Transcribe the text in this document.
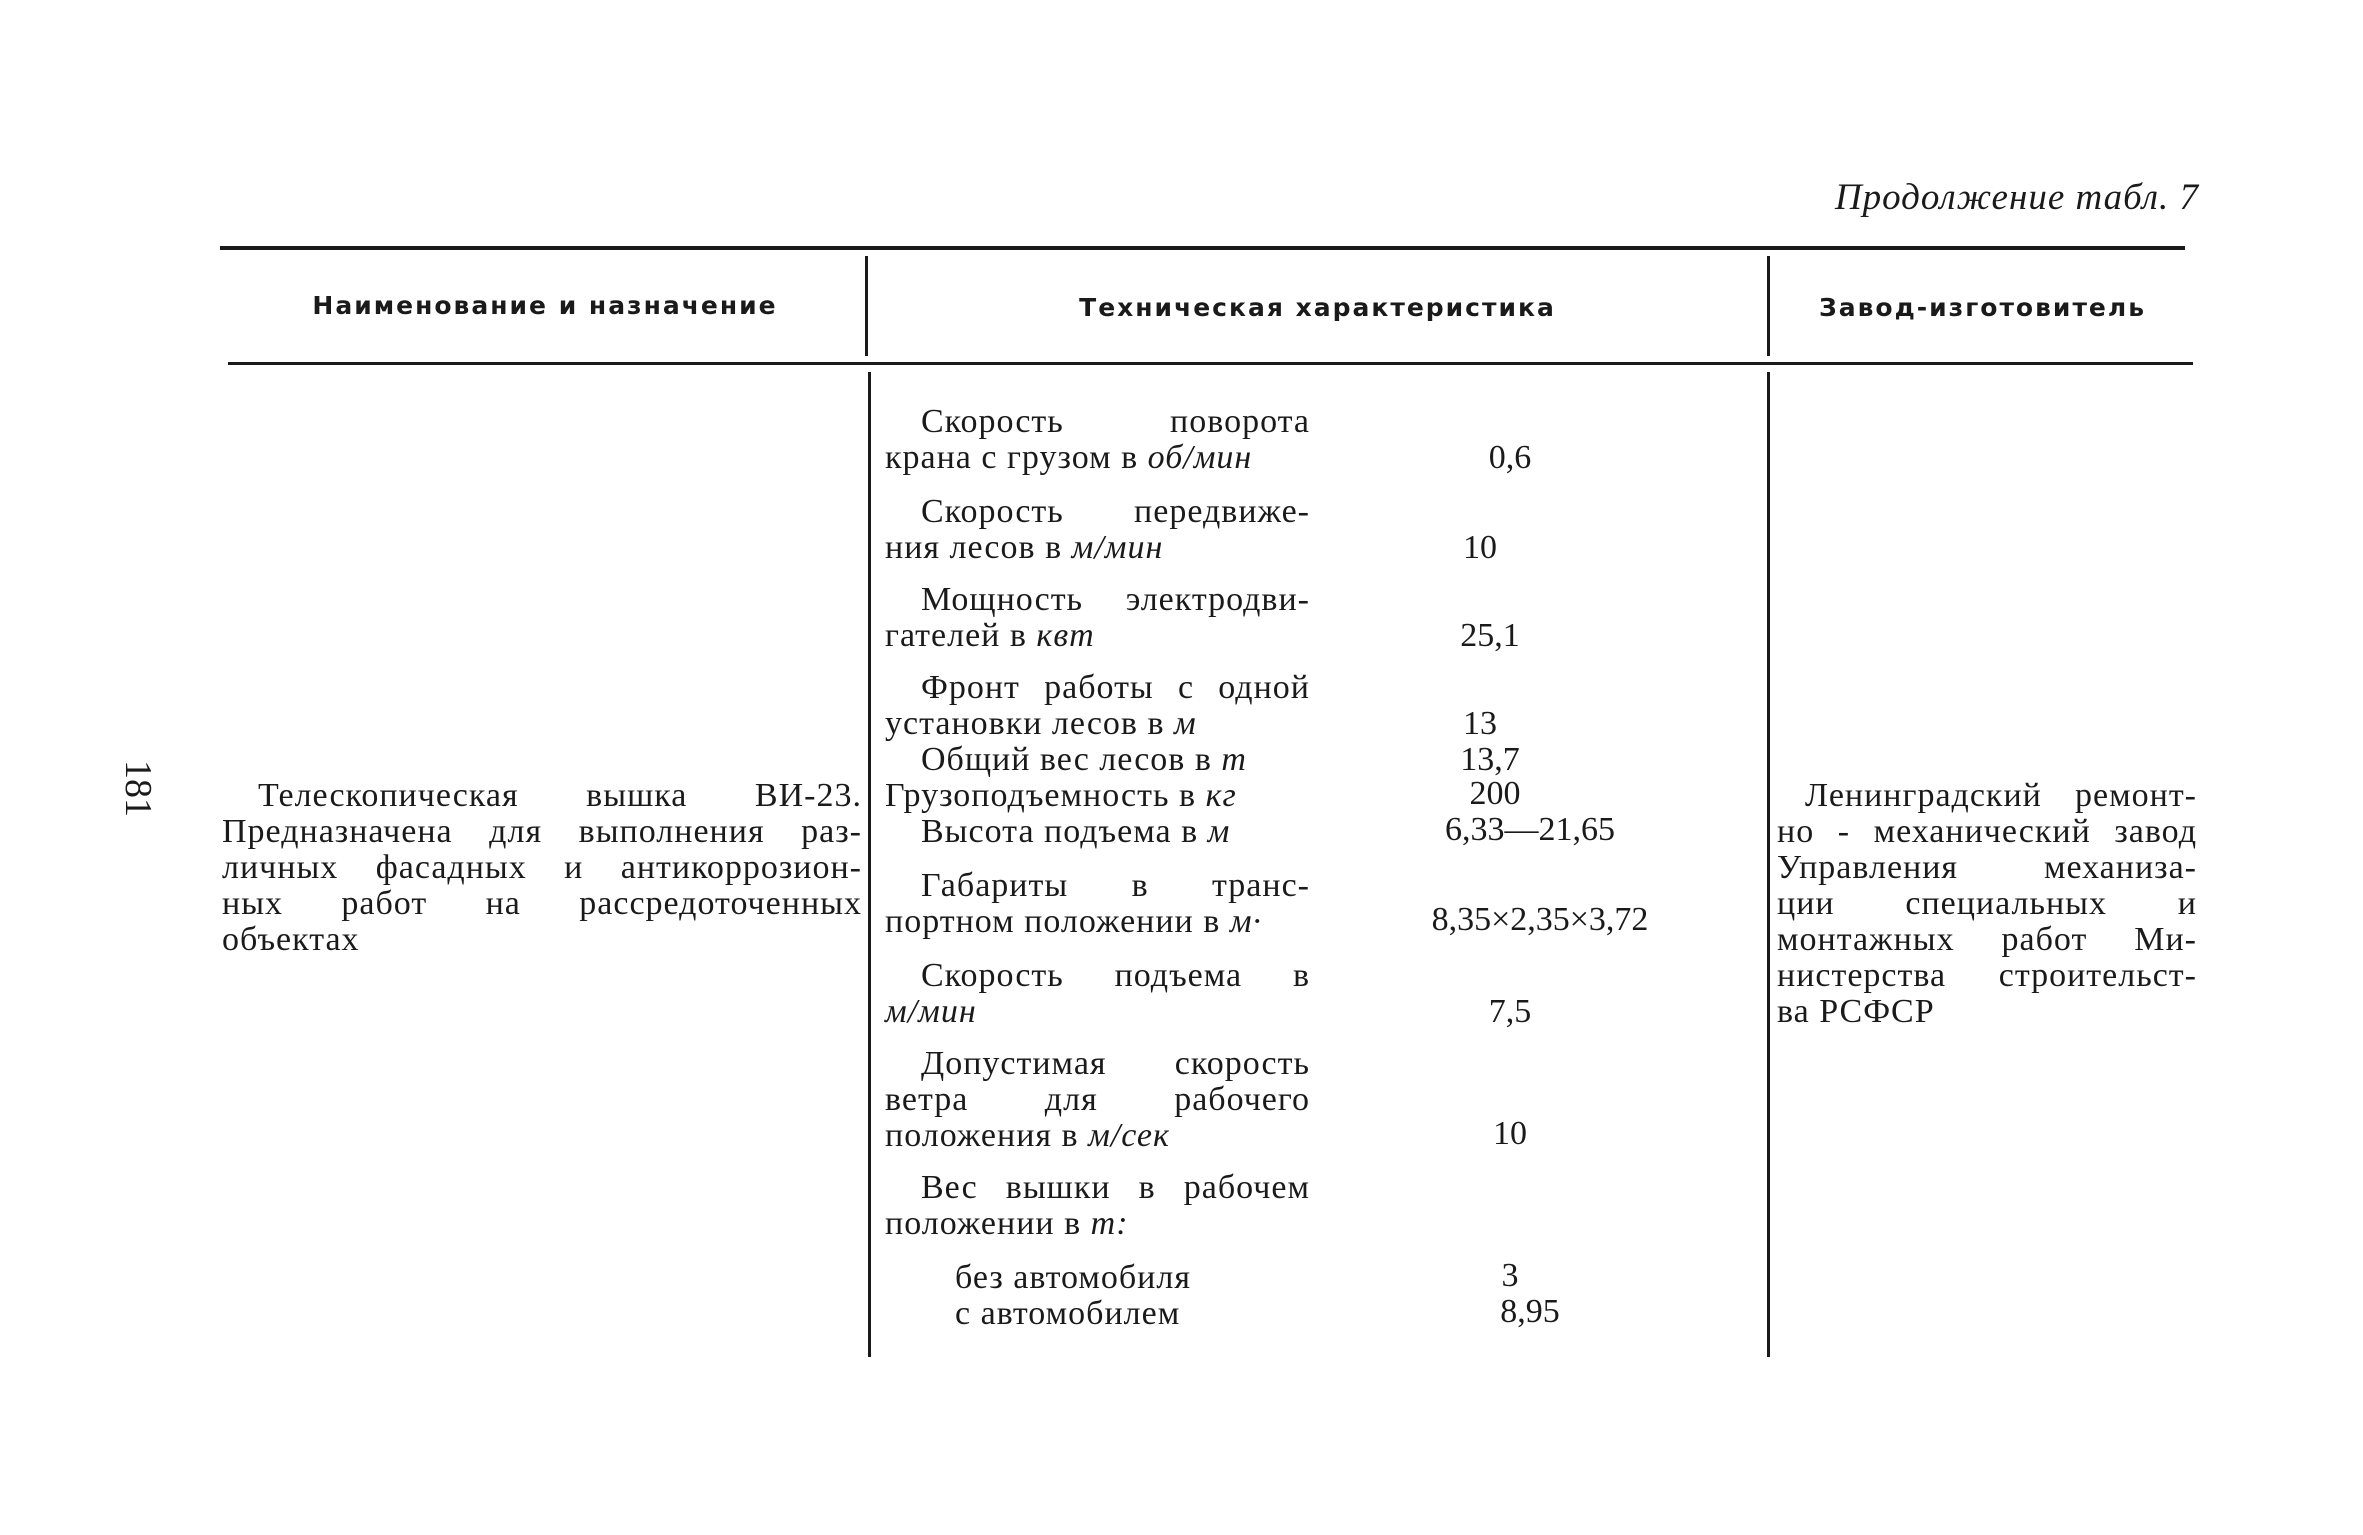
Продолжение табл. 7
181
Наименование и назначение	Техническая характеристика	Завод-изготовитель
Телескопическая вышка ВИ-23.
Предназначена для выполнения раз-
личных фасадных и антикоррозион-
ных работ на рассредоточенных
объектах
Скорость поворота
крана с грузом в об/мин	0,6
Скорость передвиже-
ния лесов в м/мин	10
Мощность электродви-
гателей в квт	25,1
Фронт работы с одной
установки лесов в м	13
Общий вес лесов в т	13,7
Грузоподъемность в кг	200
Высота подъема в м	6,33—21,65
Габариты в транс-
портном положении в м·	8,35×2,35×3,72
Скорость подъема в
м/мин	7,5
Допустимая скорость
ветра для рабочего
положения в м/сек	10
Вес вышки в рабочем
положении в т:
без автомобиля	3
с автомобилем	8,95
Ленинградский ремонт-
но - механический завод
Управления механиза-
ции специальных и
монтажных работ Ми-
нистерства строительст-
ва РСФСР
